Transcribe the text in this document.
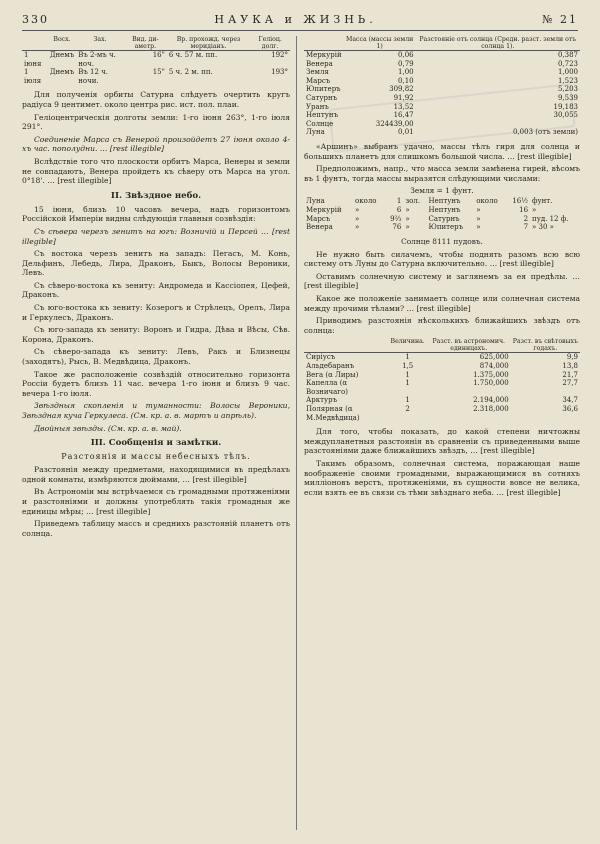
330	НАУКА и ЖИЗНЬ.	№ 21
	Восх.	Зах.	Вид. ди-аметр.	Вр. прохожд. через меридіанъ.	Геліоц. долг.
1 іюня	Днемъ	Въ 2-мъ ч. ноч.	16"	6 ч. 57 м. пп.	192°
1 іюля	Днемъ	Въ 12 ч. ночи.	15"	5 ч. 2 м. пп.	193°

Для полученія орбиты Сатурна слѣдуетъ очертить кругъ радіуса 9 центимет. около центра рис. ист. пол. плаи.

Геліоцентрическія долготы земли: 1-го іюня 263°, 1-го іюля 291°.

Соединеніе Марса съ Венерой произойдетъ 27 іюня около 4-хъ час. пополудни. … [rest illegible]

Вслѣдствіе того что плоскости орбитъ Марса, Венеры и земли не совпадаютъ, Венера пройдетъ къ сѣверу отъ Марса на угол. 0°18'. … [rest illegible]

II. Звѣздное небо.

15 іюня, близъ 10 часовъ вечера, надъ горизонтомъ Россійской Имперіи видны слѣдующія главныя созвѣздія:

Съ сѣвера черезъ зенитъ на югъ: Возничій и Персей … [rest illegible]

Съ востока черезъ зенитъ на западъ: Пегасъ, М. Конь, Дельфинъ, Лебедь, Лира, Драконъ, Быкъ, Волосы Вероники, Левъ.

Съ сѣверо-востока къ зениту: Андромеда и Кассіопея, Цефей, Драконъ.

Съ юго-востока къ зениту: Козерогъ и Стрѣлецъ, Орелъ, Лира и Геркулесъ, Драконъ.

Съ юго-запада къ зениту: Воронъ и Гидра, Дѣва и Вѣсы, Сѣв. Корона, Драконъ.

Съ сѣверо-запада къ зениту: Левъ, Ракъ и Близнецы (заходятъ), Рысь, В. Медвѣдица, Драконъ.

Такое же расположеніе созвѣздій относительно горизонта Россіи будетъ близъ 11 час. вечера 1-го іюня и близъ 9 час. вечера 1-го іюля.

Звѣздныя скопленія и туманности: Волосы Вероники, Звѣздная куча Геркулеса. (См. кр. а. в. мартъ и апрѣль).

Двойныя звѣзды. (См. кр. а. в. май).

III. Сообщенія и замѣтки.
Разстоянія и массы небесныхъ тѣлъ.

Разстоянія между предметами, находящимися въ предѣлахъ одной комнаты, измѣряются дюймами, … [rest illegible]

Въ Астрономіи мы встрѣчаемся съ громадными протяженіями и разстояніями и должны употреблять такія громадныя же единицы мѣры; … [rest illegible]

Приведемъ таблицу массъ и среднихъ разстояній планетъ отъ солнца.

	Масса (массы земли 1)	Разстояніе отъ солнца (Средн. разст. земли отъ солнца 1).
Меркурій	0,06	0,387
Венера	0,79	0,723
Земля	1,00	1,000
Марсъ	0,10	1,523
Юпитеръ	309,82	5,203
Сатурнъ	91,92	9,539
Уранъ	13,52	19,183
Нептунъ	16,47	30,055
Солнце	324439,00	
Луна	0,01	0,003 (отъ земли)

«Аршинъ» выбранъ удачно, массы тѣлъ гиря для солнца и большихъ планетъ для слишкомъ большой числа. … [rest illegible]

Предположимъ, напр., что масса земли замѣнена гирей, вѣсомъ въ 1 фунтъ, тогда массы выразятся слѣдующими числами:

Земля = 1 фунт.
Луна	около	1	зол.	Нептунъ	около	16½	фунт.
Меркурій	»	6	»	Нептунъ	»	16	»
Марсъ	»	9⅔	»	Сатурнъ	»	2	пуд. 12 ф.
Венера	»	76	»	Юпитеръ	»	7	» 30 »
Солнце 8111 пудовъ.

Не нужно быть силачемъ, чтобы поднять разомъ всю всю систему отъ Луны до Сатурна включительно. … [rest illegible]

Оставимъ солнечную систему и заглянемъ за ея предѣлы. … [rest illegible]

Какое же положеніе занимаетъ солнце или солнечная система между прочими тѣлами? … [rest illegible]

Приводимъ разстоянія нѣсколькихъ ближайшихъ звѣздъ отъ солнца:

	Величина.	Разст. въ астрономич. единицахъ.	Разст. въ свѣтовыхъ годахъ.
Сиріусъ	1	625,000	9,9
Альдебаранъ	1,5	874,000	13,8
Вега (α Лиры)	1	1.375,000	21,7
Капелла (α Возничаго)	1	1.750,000	27,7
Арктуръ	1	2.194,000	34,7
Полярная (α М.Медвѣдица)	2	2.318,000	36,6

Для того, чтобы показать, до какой степени ничтожны междупланетныя разстоянія въ сравненіи съ приведенными выше разстояніями даже ближайшихъ звѣздъ, … [rest illegible]

Такимъ образомъ, солнечная система, поражающая наше воображеніе своими громадными, выражающимися въ сотняхъ милліоновъ верстъ, протяженіями, въ сущности вовсе не велика, если взять ее въ связи съ тѣми звѣзднаго неба. … [rest illegible]
